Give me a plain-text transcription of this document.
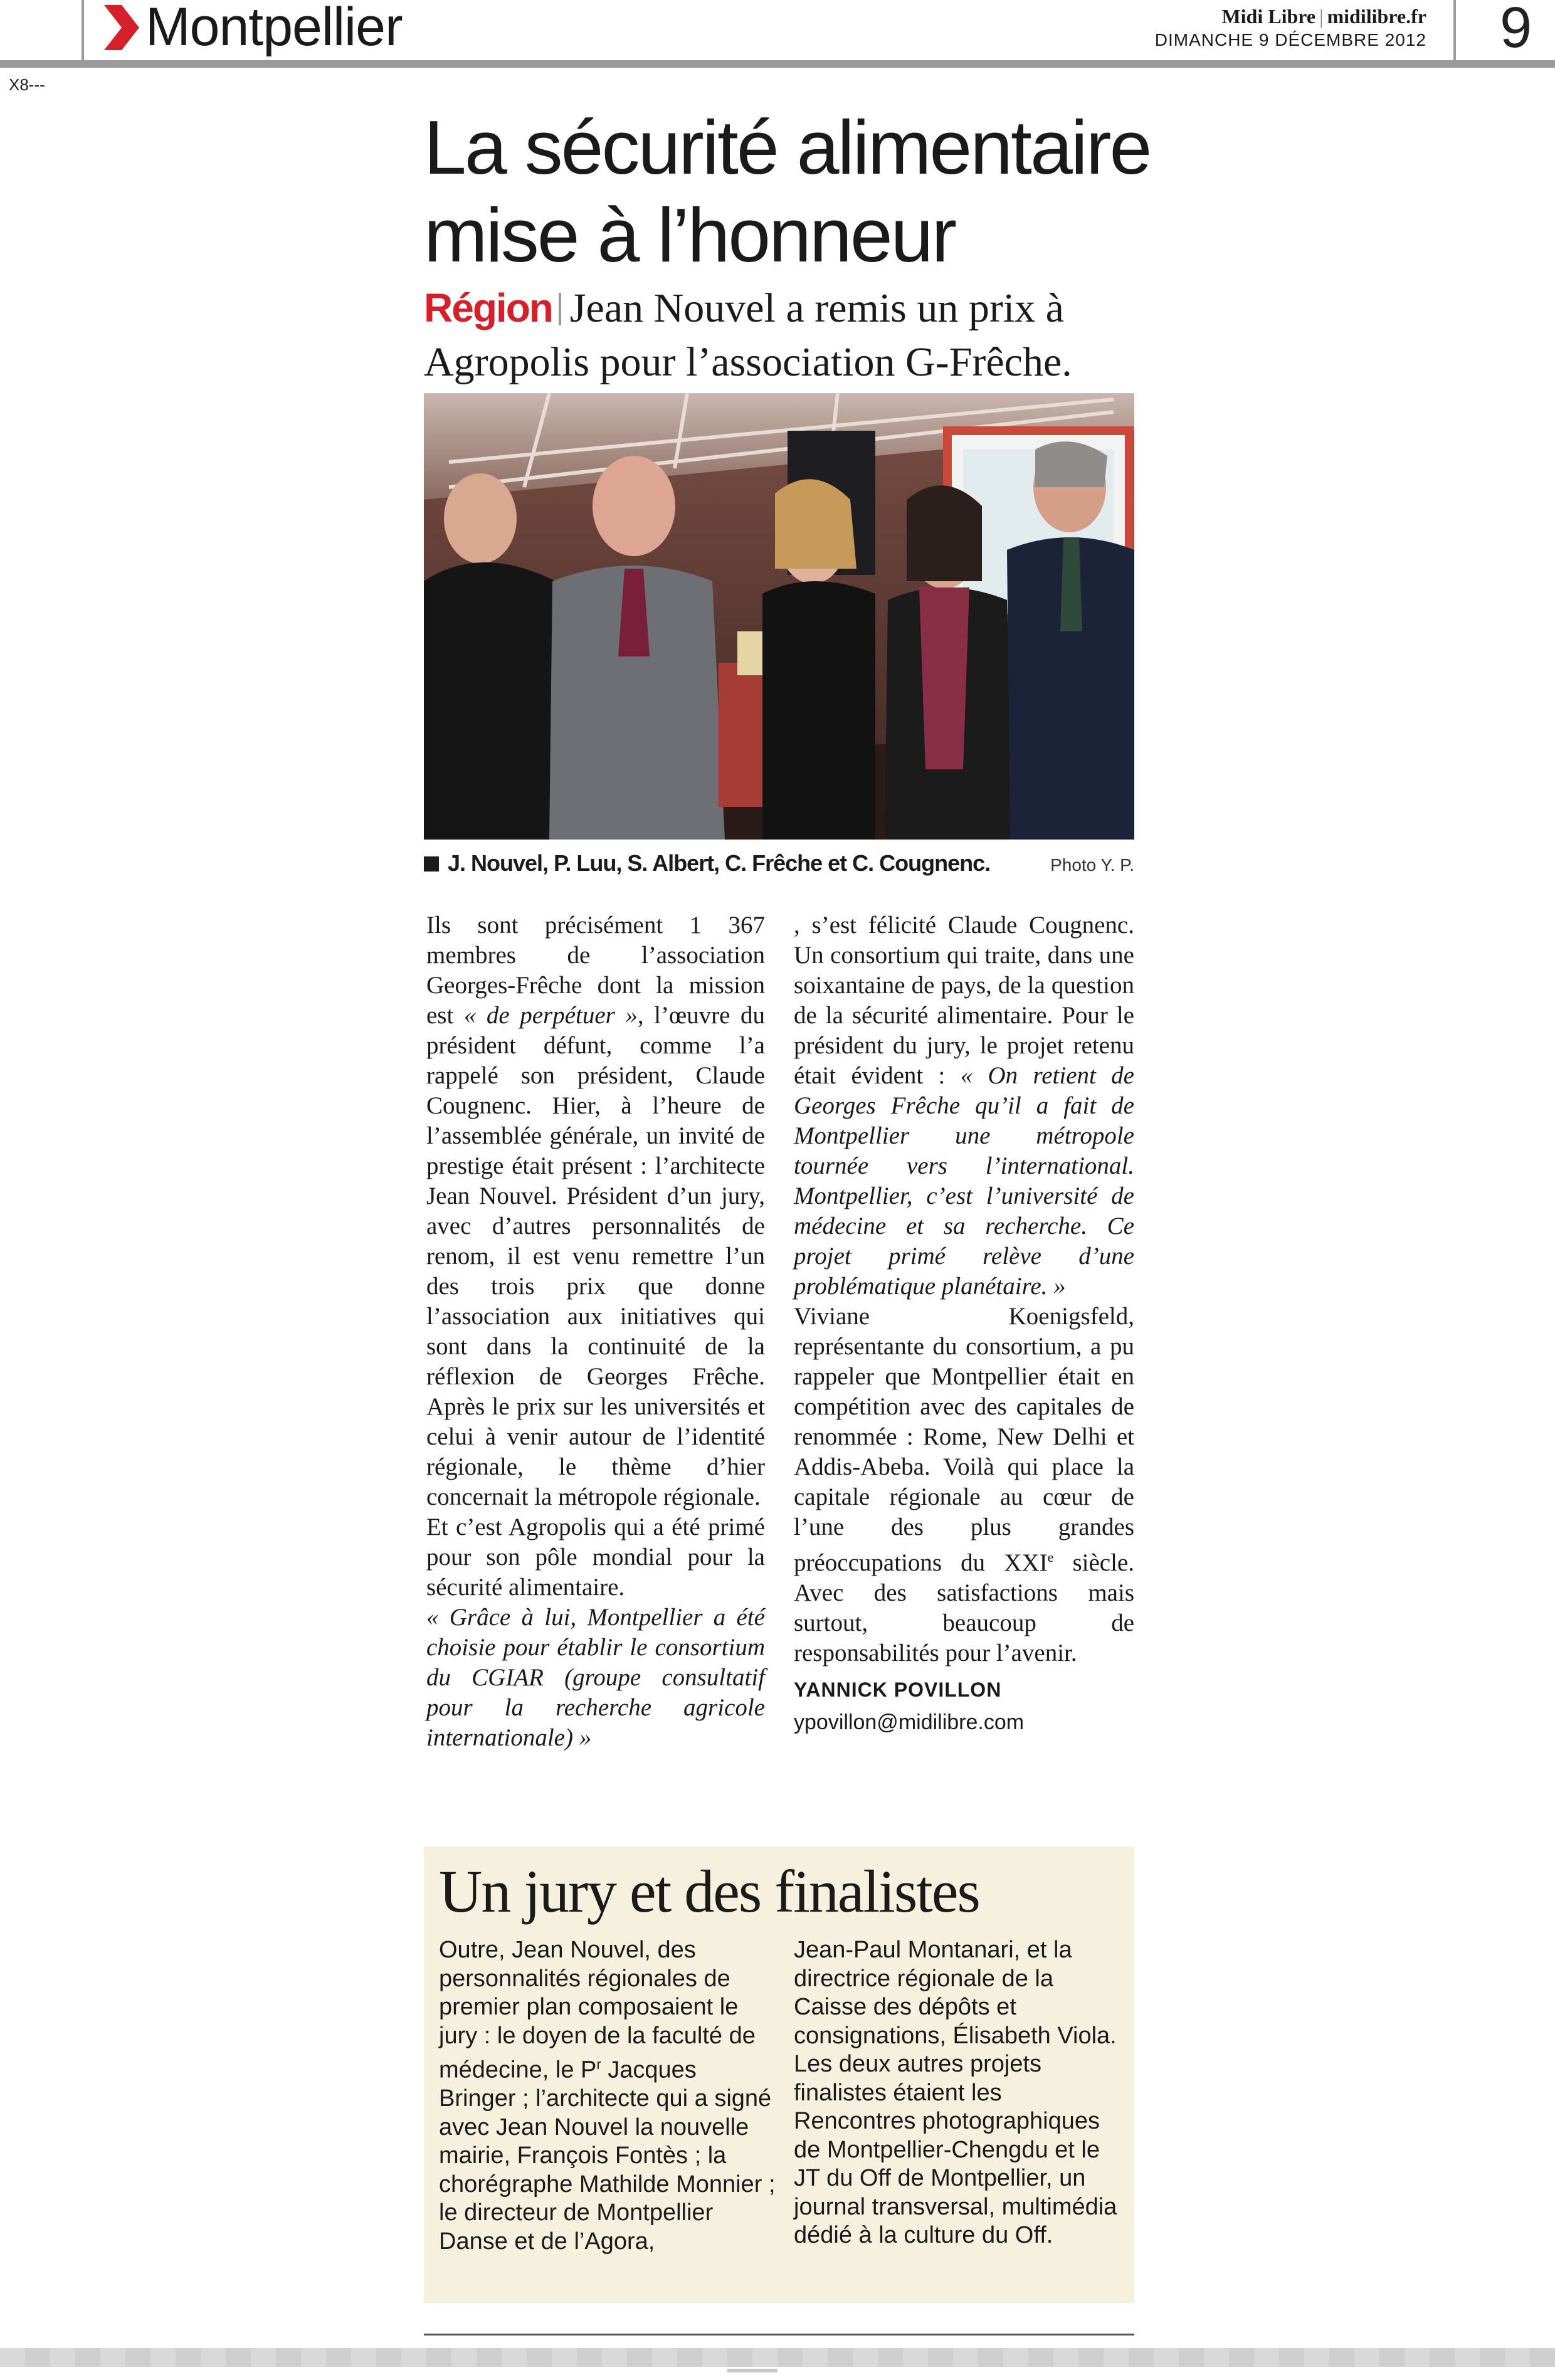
Montpellier	Midi Libre | midilibre.fr
DIMANCHE 9 DÉCEMBRE 2012 9
X8---
La sécurité alimentaire mise à l’honneur
Région Jean Nouvel a remis un prix à Agropolis pour l’association G-Frêche.
J. Nouvel, P. Luu, S. Albert, C. Frêche et C. Cougnenc.	Photo Y. P.

Ils sont précisément 1 367 membres de l’association Georges-Frêche dont la mission est « de perpétuer », l’œuvre du président défunt, comme l’a rappelé son président, Claude Cougnenc. Hier, à l’heure de l’assemblée générale, un invité de prestige était présent : l’architecte Jean Nouvel. Président d’un jury, avec d’autres personnalités de renom, il est venu remettre l’un des trois prix que donne l’association aux initiatives qui sont dans la continuité de la réflexion de Georges Frêche. Après le prix sur les universités et celui à venir autour de l’identité régionale, le thème d’hier concernait la métropole régionale.

Et c’est Agropolis qui a été primé pour son pôle mondial pour la sécurité alimentaire.

« Grâce à lui, Montpellier a été choisie pour établir le consortium du CGIAR (groupe consultatif pour la recherche agricole internationale) »

, s’est félicité Claude Cougnenc. Un consortium qui traite, dans une soixantaine de pays, de la question de la sécurité alimentaire. Pour le président du jury, le projet retenu était évident : « On retient de Georges Frêche qu’il a fait de Montpellier une métropole tournée vers l’international. Montpellier, c’est l’université de médecine et sa recherche. Ce projet primé relève d’une problématique planétaire. »

Viviane Koenigsfeld, représentante du consortium, a pu rappeler que Montpellier était en compétition avec des capitales de renommée : Rome, New Delhi et Addis-Abeba. Voilà qui place la capitale régionale au cœur de l’une des plus grandes préoccupations du XXIe siècle. Avec des satisfactions mais surtout, beaucoup de responsabilités pour l’avenir.

YANNICK POVILLON

ypovillon@midilibre.com

Un jury et des finalistes

Outre, Jean Nouvel, des personnalités régionales de premier plan composaient le jury : le doyen de la faculté de médecine, le $P^r$ Jacques Bringer ; l’architecte qui a signé avec Jean Nouvel la nouvelle mairie, François Fontès ; la chorégraphe Mathilde Monnier ; le directeur de Montpellier Danse et de l’Agora,

Jean-Paul Montanari, et la directrice régionale de la Caisse des dépôts et consignations, Élisabeth Viola. Les deux autres projets finalistes étaient les Rencontres photographiques de Montpellier-Chengdu et le JT du Off de Montpellier, un journal transversal, multimédia dédié à la culture du Off.
